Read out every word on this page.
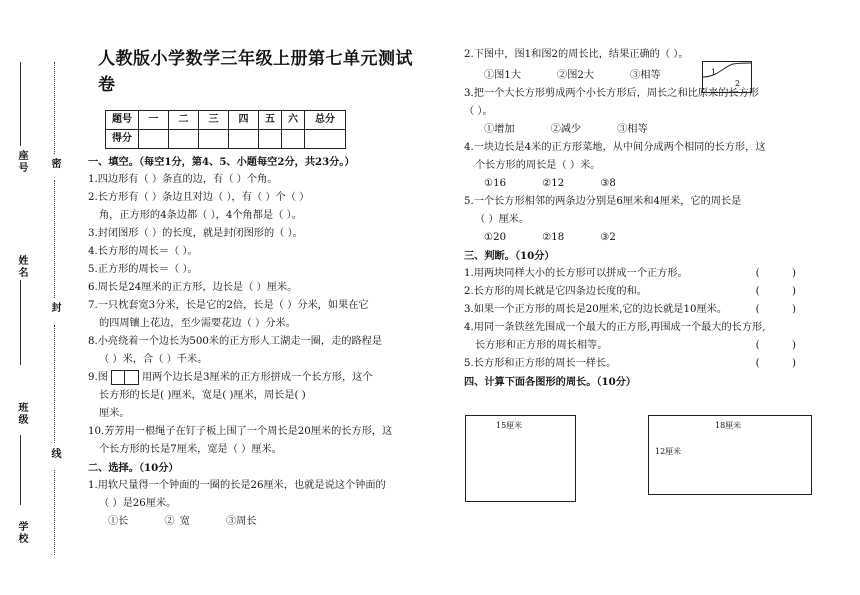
学校
班级
姓名
座号 密
封
线
人教版小学数学三年级上册第七单元测试卷
题号	一	二	三	四	五	六	总分
得分							
一、填空。（每空1分，第4、5、小题每空2分，共23分。）
1.四边形有（ ）条直的边，有（ ）个角。
2.长方形有（ ）条边且对边（ ），有（ ）个（ ）
角，正方形的4条边都（ ），4个角都是（ ）。
3.封闭图形（ ）的长度，就是封闭图形的（ ）。
4.长方形的周长＝（ ）。
5.正方形的周长＝（ ）。
6.周长是24厘米的正方形，边长是（ ）厘米。
7.一只枕套宽3分米，长是它的2倍，长是（ ）分米，如果在它
的四周镶上花边，至少需要花边（ ）分米。
8.小亮绕着一个边长为500米的正方形人工湖走一圈，走的路程是
（ ）米，合（ ）千米。
9.图	用两个边长是3厘米的正方形拼成一个长方形，这个
长方形的长是( )厘米，宽是( )厘米，周长是( )
厘米。
10.芳芳用一根绳子在钉子板上围了一个周长是20厘米的长方形，这
个长方形的长是7厘米，宽是（ ）厘米。
二、选择。（10分）
1.用软尺量得一个钟面的一圈的长是26厘米，也就是说这个钟面的
（ ）是26厘米。
①长	② 宽	③周长
2.下图中，图1和图2的周长比，结果正确的（ ）。
①图1大	②图2大	③相等
3.把一个大长方形剪成两个小长方形后，周长之和比原来的长方形
（ ）。
①增加	②减少	③相等
4.一块边长是4米的正方形菜地，从中间分成两个相同的长方形，这
个长方形的周长是（ ）米。
①16	②12	③8
5.一个长方形相邻的两条边分别是6厘米和4厘米，它的周长是
（ ）厘米。
①20	②18	③2
三、判断。（10分）
1.用两块同样大小的长方形可以拼成一个正方形。	(          )
2.长方形的周长就是它四条边长度的和。	(          )
3.如果一个正方形的周长是20厘米,它的边长就是10厘米。	(          )
4.用同一条铁丝先围成一个最大的正方形,再围成一个最大的长方形,
长方形和正方形的周长相等。	(          )
5.长方形和正方形的周长一样长。	(          )
四、计算下面各图形的周长。（10分）
1
2
15厘米	18厘米
12厘米
